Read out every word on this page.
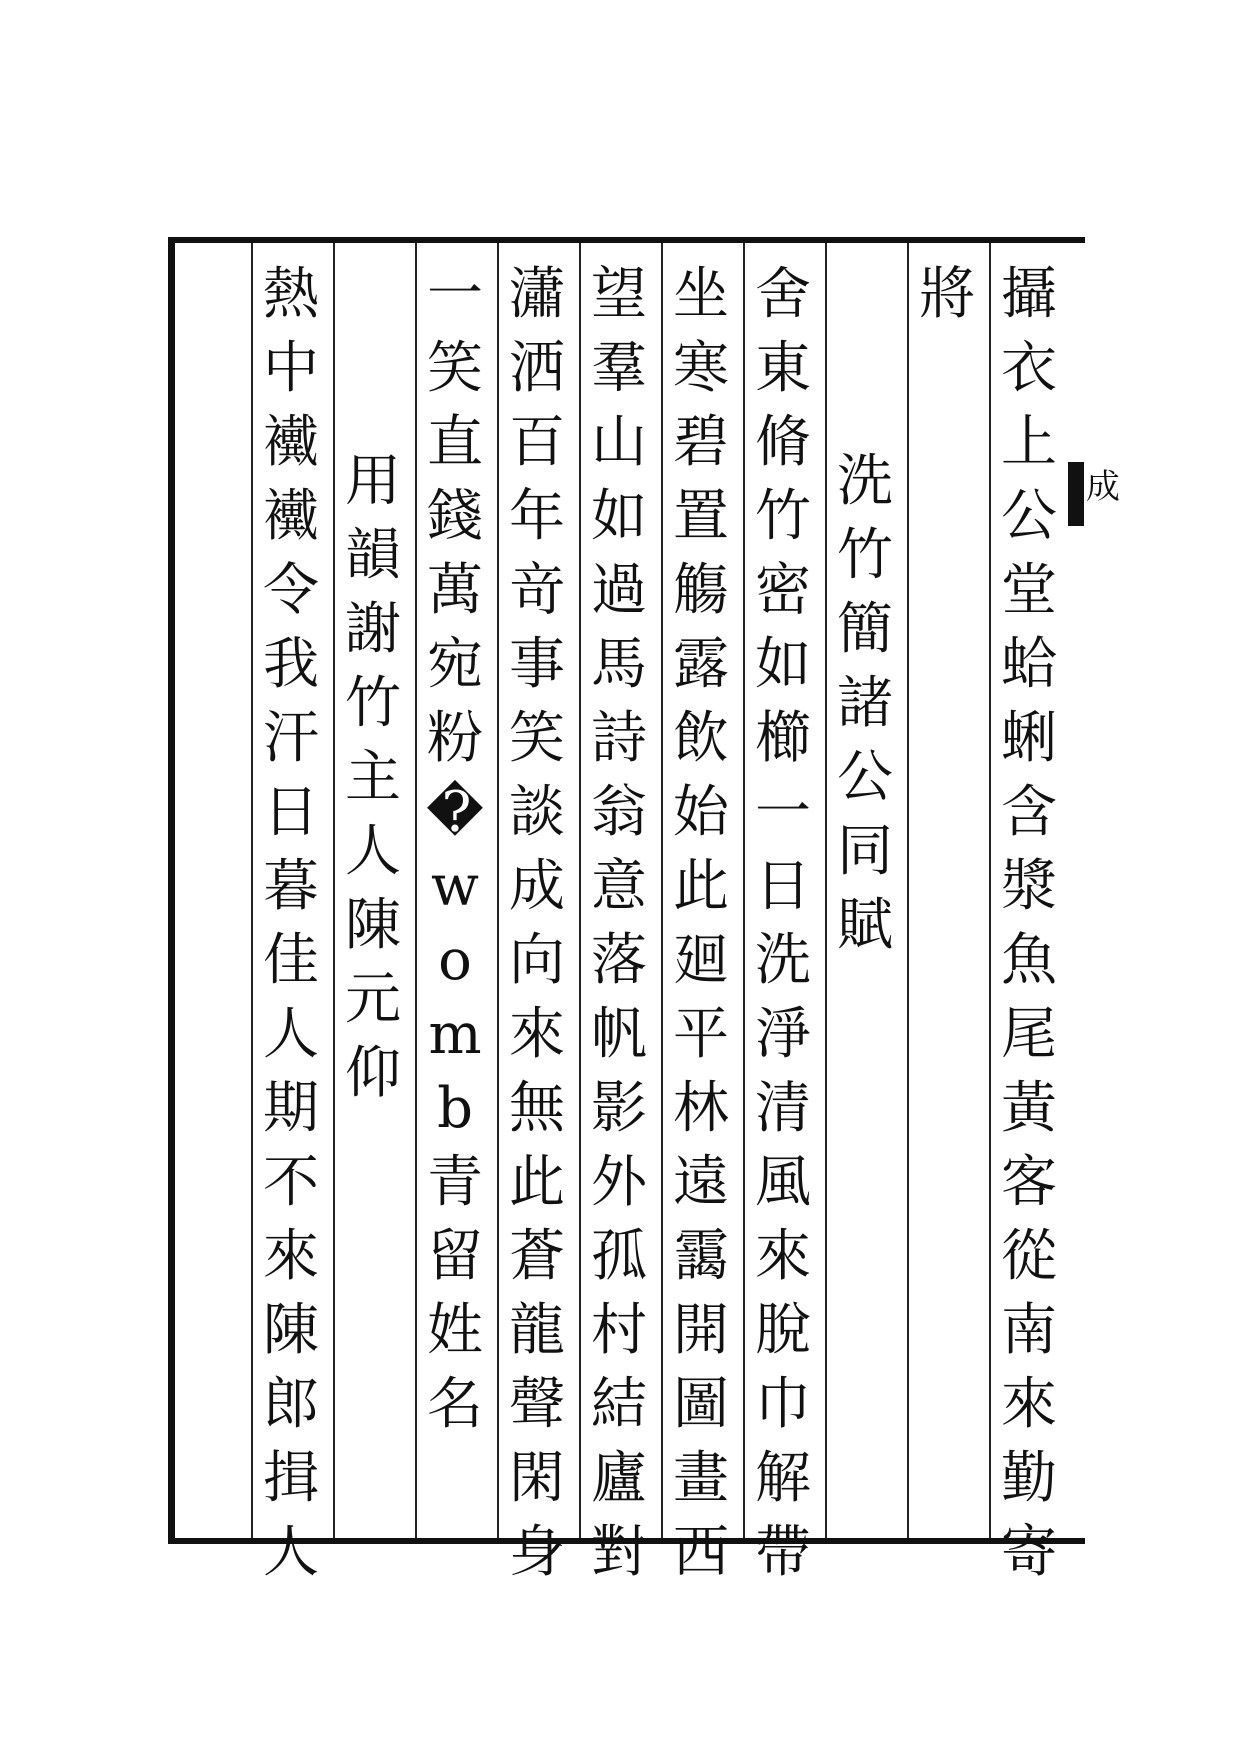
成
攝
衣
上
公
堂
蛤
蜊
含
漿
魚
尾
黃
客
從
南
來
勤
寄
將
洗
竹
簡
諸
公
同
賦
舍
東
脩
竹
密
如
櫛
一
日
洗
淨
清
風
來
脫
巾
解
帶
坐
寒
碧
置
觴
露
飲
始
此
廻
平
林
遠
靄
開
圖
畫
西
望
羣
山
如
過
馬
詩
翁
意
落
帆
影
外
孤
村
結
廬
對
瀟
洒
百
年
竒
事
笑
談
成
向
來
無
此
蒼
龍
聲
閑
身
一
笑
直
錢
萬
宛
粉
�
w
o
m
b
青
留
姓
名
用
韻
謝
竹
主
人
陳
元
仰
熱
中
襶
襶
令
我
汗
日
暮
佳
人
期
不
來
陳
郎
揖
人
